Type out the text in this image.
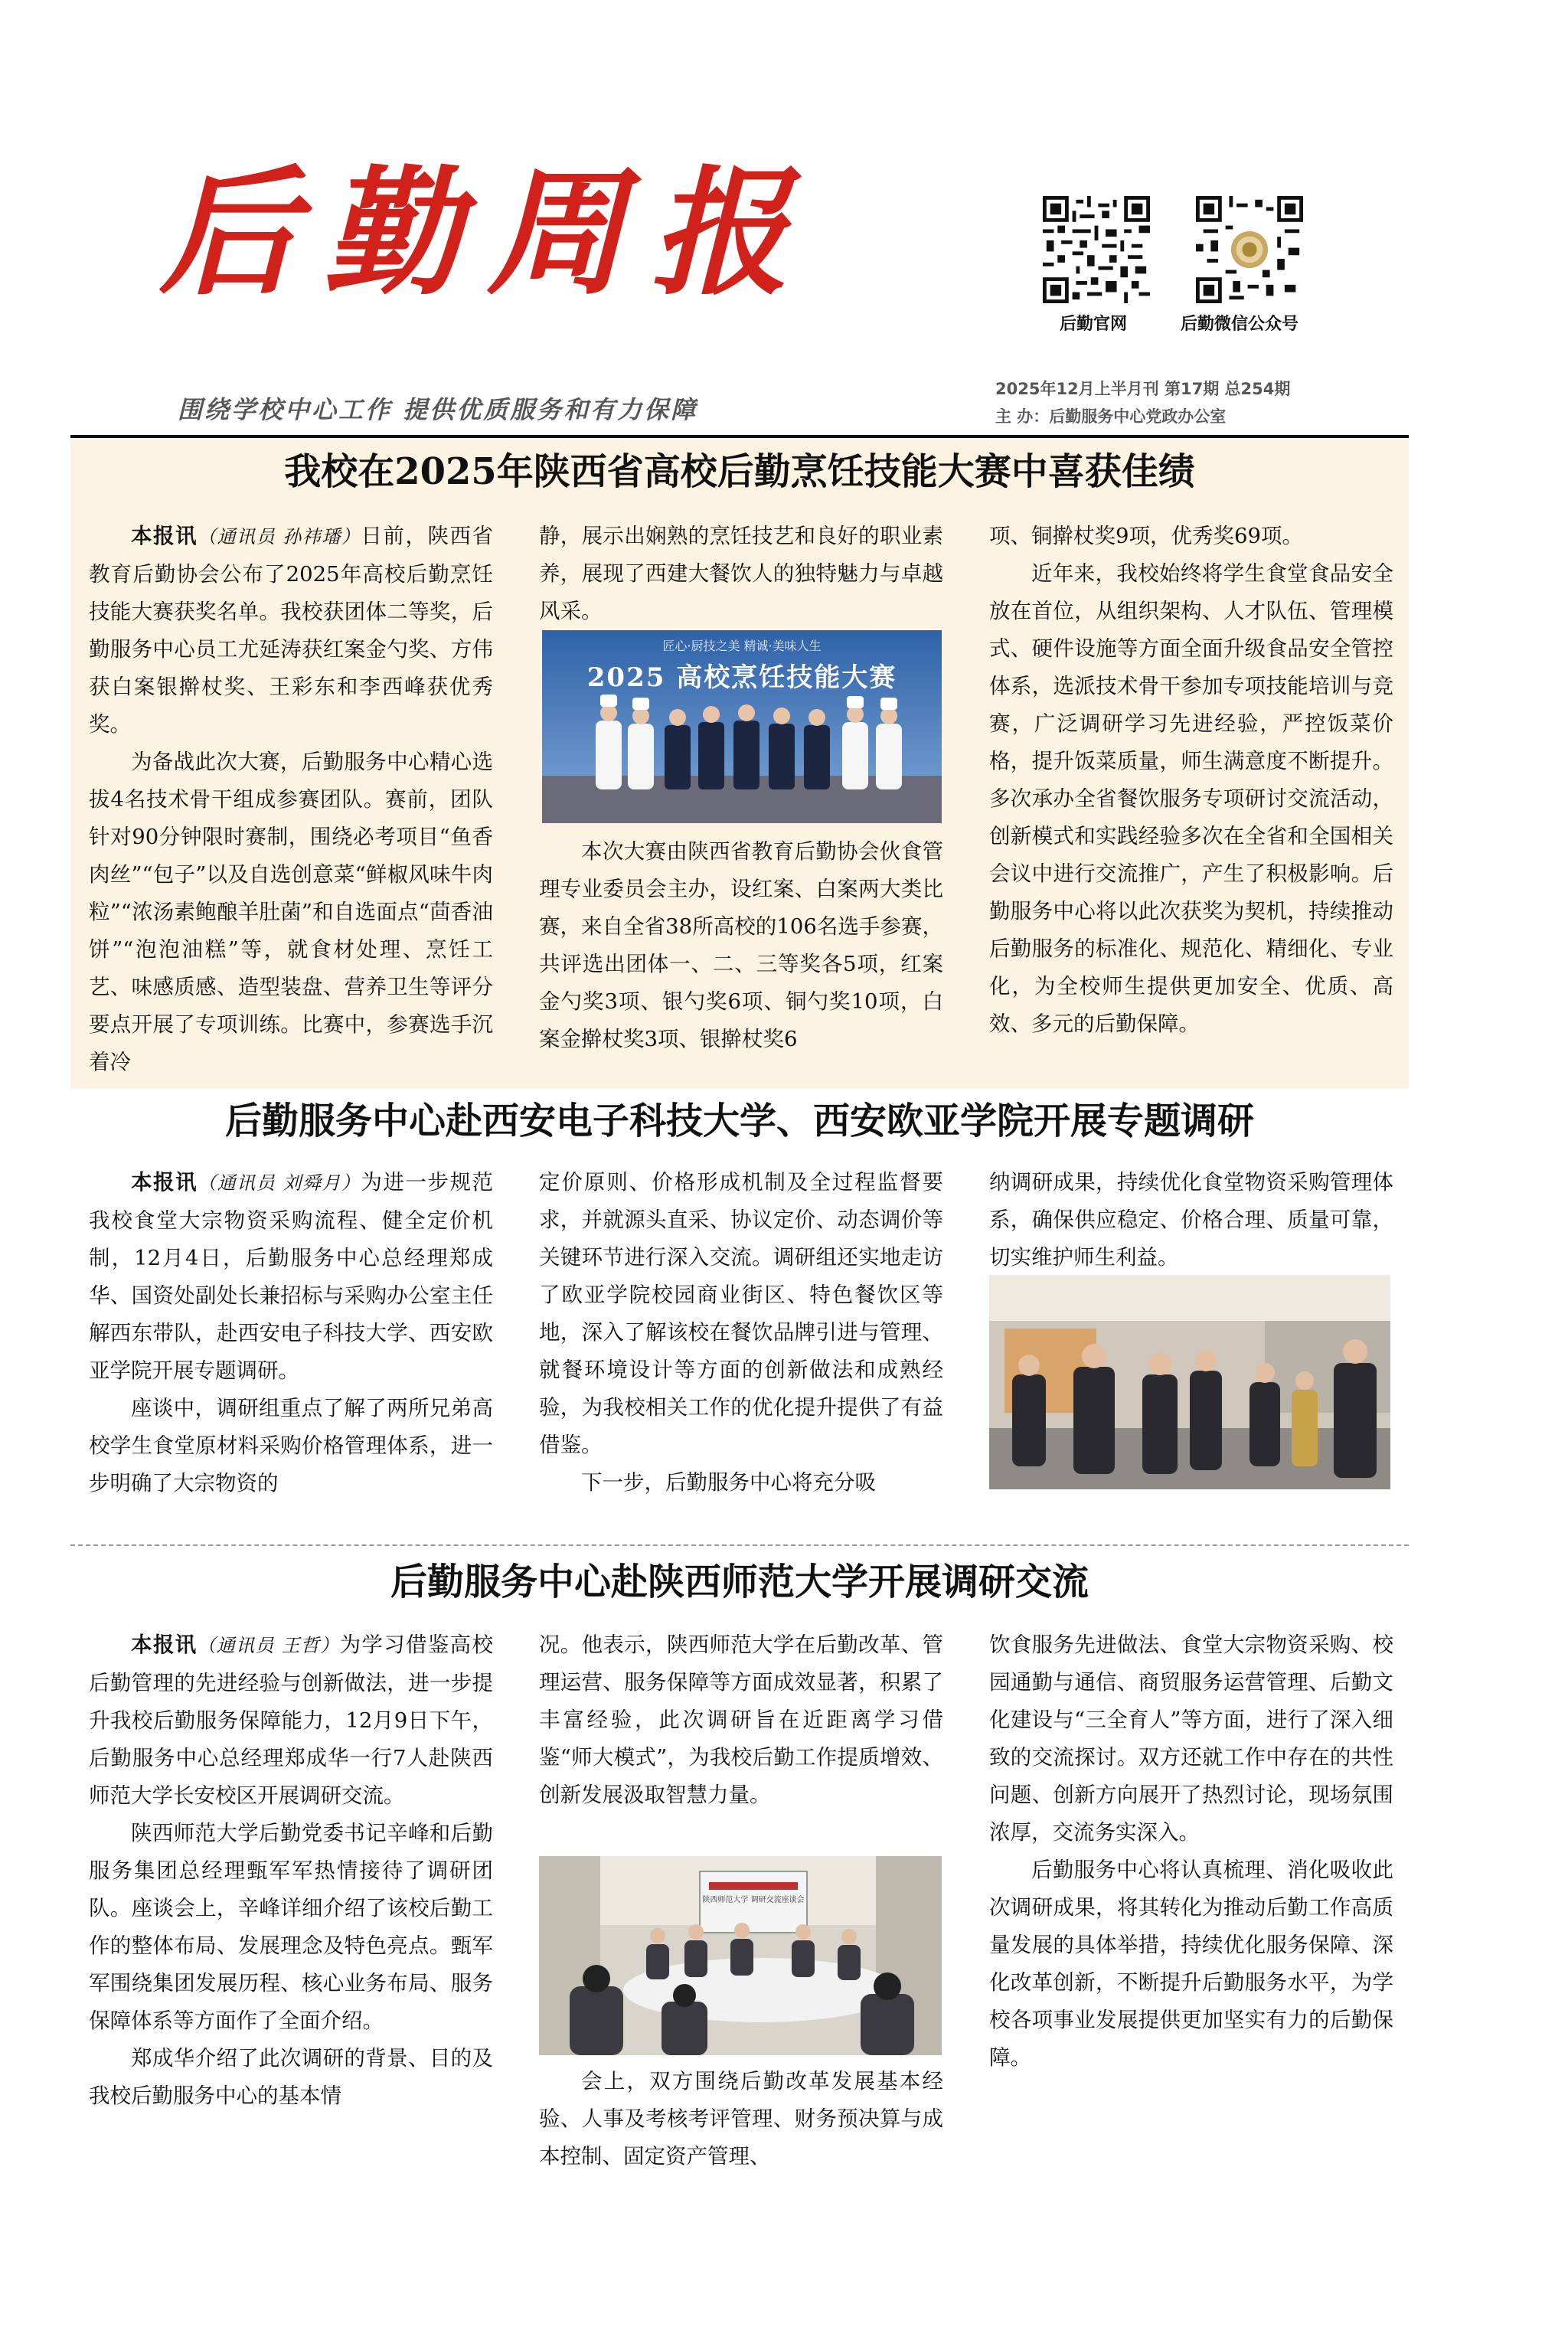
后勤周报
围绕学校中心工作 提供优质服务和有力保障
后勤官网	后勤微信公众号
2025年12月上半月刊 第17期 总254期
主 办：后勤服务中心党政办公室
我校在2025年陕西省高校后勤烹饪技能大赛中喜获佳绩

本报讯（通讯员 孙祎璠）日前，陕西省教育后勤协会公布了2025年高校后勤烹饪技能大赛获奖名单。我校获团体二等奖，后勤服务中心员工尤延涛获红案金勺奖、方伟获白案银擀杖奖、王彩东和李西峰获优秀奖。

为备战此次大赛，后勤服务中心精心选拔4名技术骨干组成参赛团队。赛前，团队针对90分钟限时赛制，围绕必考项目“鱼香肉丝”“包子”以及自选创意菜“鲜椒风味牛肉粒”“浓汤素鲍酿羊肚菌”和自选面点“茴香油饼”“泡泡油糕”等，就食材处理、烹饪工艺、味感质感、造型装盘、营养卫生等评分要点开展了专项训练。比赛中，参赛选手沉着冷

静，展示出娴熟的烹饪技艺和良好的职业素养，展现了西建大餐饮人的独特魅力与卓越风采。

匠心·厨技之美 精诚·美味人生
2025 高校烹饪技能大赛

本次大赛由陕西省教育后勤协会伙食管理专业委员会主办，设红案、白案两大类比赛，来自全省38所高校的106名选手参赛，共评选出团体一、二、三等奖各5项，红案金勺奖3项、银勺奖6项、铜勺奖10项，白案金擀杖奖3项、银擀杖奖6

项、铜擀杖奖9项，优秀奖69项。

近年来，我校始终将学生食堂食品安全放在首位，从组织架构、人才队伍、管理模式、硬件设施等方面全面升级食品安全管控体系，选派技术骨干参加专项技能培训与竞赛，广泛调研学习先进经验，严控饭菜价格，提升饭菜质量，师生满意度不断提升。多次承办全省餐饮服务专项研讨交流活动，创新模式和实践经验多次在全省和全国相关会议中进行交流推广，产生了积极影响。后勤服务中心将以此次获奖为契机，持续推动后勤服务的标准化、规范化、精细化、专业化，为全校师生提供更加安全、优质、高效、多元的后勤保障。

后勤服务中心赴西安电子科技大学、西安欧亚学院开展专题调研

本报讯（通讯员 刘舜月）为进一步规范我校食堂大宗物资采购流程、健全定价机制，12月4日，后勤服务中心总经理郑成华、国资处副处长兼招标与采购办公室主任解西东带队，赴西安电子科技大学、西安欧亚学院开展专题调研。

座谈中，调研组重点了解了两所兄弟高校学生食堂原材料采购价格管理体系，进一步明确了大宗物资的

定价原则、价格形成机制及全过程监督要求，并就源头直采、协议定价、动态调价等关键环节进行深入交流。调研组还实地走访了欧亚学院校园商业街区、特色餐饮区等地，深入了解该校在餐饮品牌引进与管理、就餐环境设计等方面的创新做法和成熟经验，为我校相关工作的优化提升提供了有益借鉴。

下一步，后勤服务中心将充分吸

纳调研成果，持续优化食堂物资采购管理体系，确保供应稳定、价格合理、质量可靠，切实维护师生利益。

后勤服务中心赴陕西师范大学开展调研交流

本报讯（通讯员 王哲）为学习借鉴高校后勤管理的先进经验与创新做法，进一步提升我校后勤服务保障能力，12月9日下午，后勤服务中心总经理郑成华一行7人赴陕西师范大学长安校区开展调研交流。

陕西师范大学后勤党委书记辛峰和后勤服务集团总经理甄军军热情接待了调研团队。座谈会上，辛峰详细介绍了该校后勤工作的整体布局、发展理念及特色亮点。甄军军围绕集团发展历程、核心业务布局、服务保障体系等方面作了全面介绍。

郑成华介绍了此次调研的背景、目的及我校后勤服务中心的基本情

况。他表示，陕西师范大学在后勤改革、管理运营、服务保障等方面成效显著，积累了丰富经验，此次调研旨在近距离学习借鉴“师大模式”，为我校后勤工作提质增效、创新发展汲取智慧力量。

陕西师范大学 调研交流座谈会

会上，双方围绕后勤改革发展基本经验、人事及考核考评管理、财务预决算与成本控制、固定资产管理、

饮食服务先进做法、食堂大宗物资采购、校园通勤与通信、商贸服务运营管理、后勤文化建设与“三全育人”等方面，进行了深入细致的交流探讨。双方还就工作中存在的共性问题、创新方向展开了热烈讨论，现场氛围浓厚，交流务实深入。

后勤服务中心将认真梳理、消化吸收此次调研成果，将其转化为推动后勤工作高质量发展的具体举措，持续优化服务保障、深化改革创新，不断提升后勤服务水平，为学校各项事业发展提供更加坚实有力的后勤保障。
